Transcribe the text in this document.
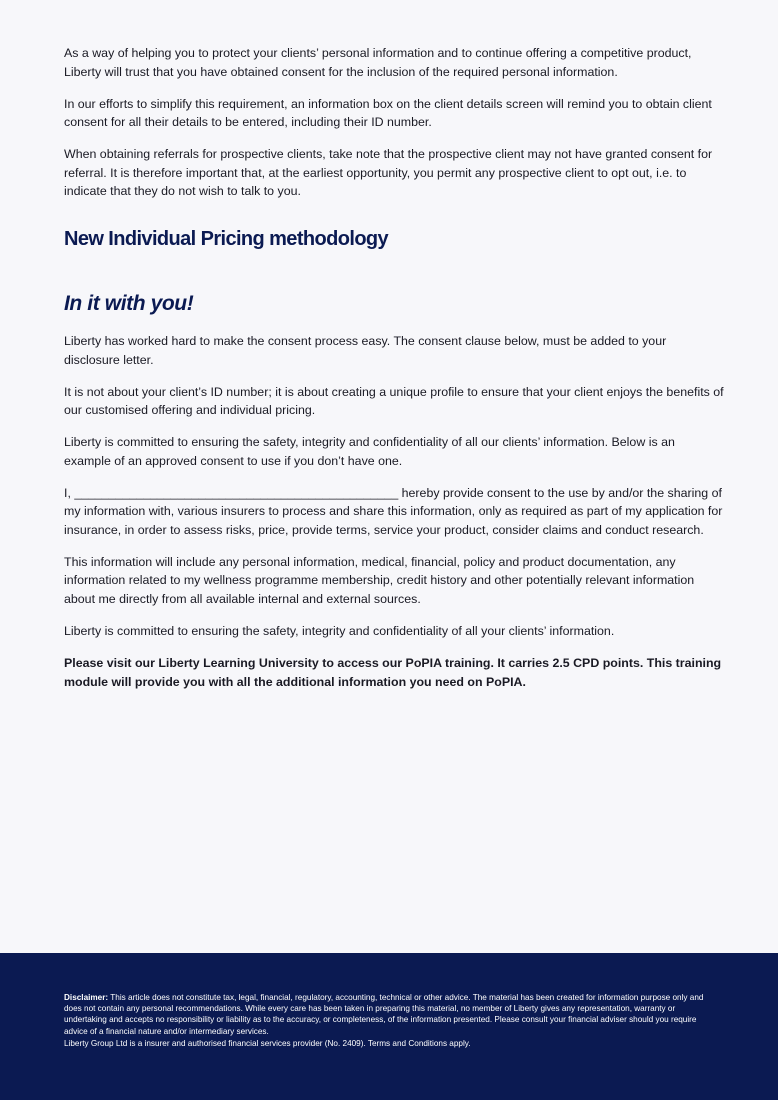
As a way of helping you to protect your clients’ personal information and to continue offering a competitive product, Liberty will trust that you have obtained consent for the inclusion of the required personal information.

In our efforts to simplify this requirement, an information box on the client details screen will remind you to obtain client consent for all their details to be entered, including their ID number.

When obtaining referrals for prospective clients, take note that the prospective client may not have granted consent for referral. It is therefore important that, at the earliest opportunity, you permit any prospective client to opt out, i.e. to indicate that they do not wish to talk to you.

New Individual Pricing methodology
In it with you!

Liberty has worked hard to make the consent process easy. The consent clause below, must be added to your disclosure letter.

It is not about your client’s ID number; it is about creating a unique profile to ensure that your client enjoys the benefits of our customised offering and individual pricing.

Liberty is committed to ensuring the safety, integrity and confidentiality of all our clients’ information. Below is an example of an approved consent to use if you don’t have one.

I, _______________________________________________ hereby provide consent to the use by and/or the sharing of my information with, various insurers to process and share this information, only as required as part of my application for insurance, in order to assess risks, price, provide terms, service your product, consider claims and conduct research.

This information will include any personal information, medical, financial, policy and product documentation, any information related to my wellness programme membership, credit history and other potentially relevant information about me directly from all available internal and external sources.

Liberty is committed to ensuring the safety, integrity and confidentiality of all your clients’ information.

Please visit our Liberty Learning University to access our PoPIA training. It carries 2.5 CPD points. This training module will provide you with all the additional information you need on PoPIA.

Disclaimer: This article does not constitute tax, legal, financial, regulatory, accounting, technical or other advice. The material has been created for information purpose only and does not contain any personal recommendations. While every care has been taken in preparing this material, no member of Liberty gives any representation, warranty or undertaking and accepts no responsibility or liability as to the accuracy, or completeness, of the information presented. Please consult your financial adviser should you require advice of a financial nature and/or intermediary services.
Liberty Group Ltd is a insurer and authorised financial services provider (No. 2409). Terms and Conditions apply.
